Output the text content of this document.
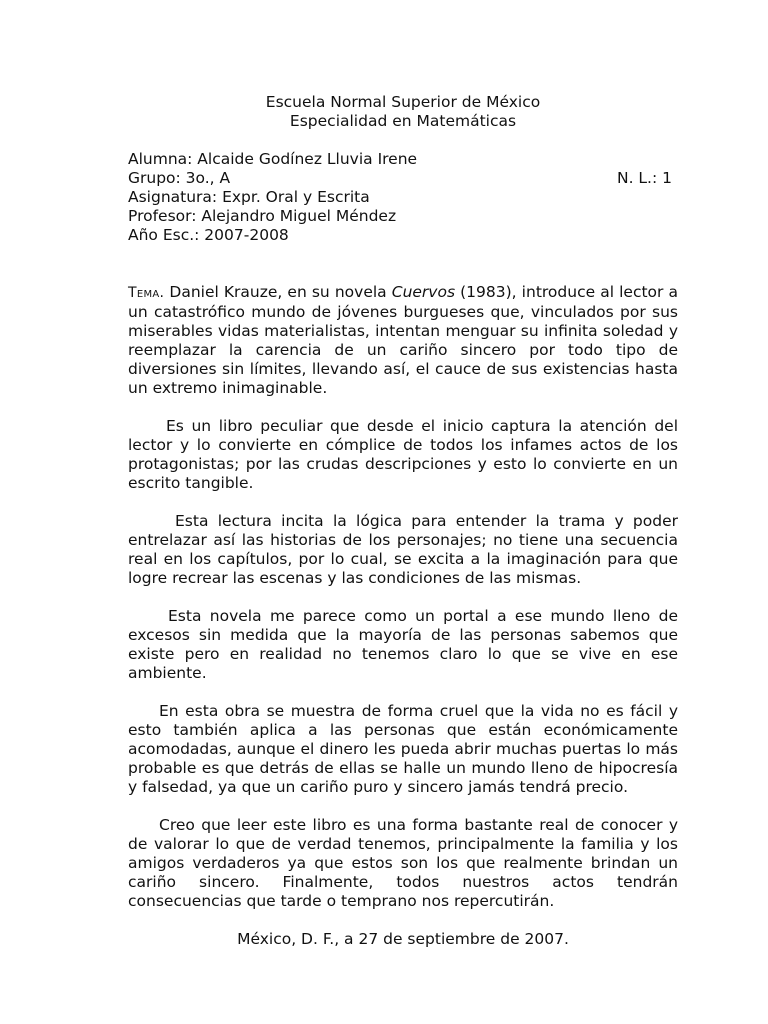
Escuela Normal Superior de México
Especialidad en Matemáticas
Alumna: Alcaide Godínez Lluvia Irene
Grupo: 3o., A	N. L.: 1
Asignatura: Expr. Oral y Escrita
Profesor: Alejandro Miguel Méndez
Año Esc.: 2007-2008

Tema. Daniel Krauze, en su novela Cuervos (1983), introduce al lector a un catastrófico mundo de jóvenes burgueses que, vinculados por sus miserables vidas materialistas, intentan menguar su infinita soledad y reemplazar la carencia de un cariño sincero por todo tipo de diversiones sin límites, llevando así, el cauce de sus existencias hasta un extremo inimaginable.

Es un libro peculiar que desde el inicio captura la atención del lector y lo convierte en cómplice de todos los infames actos de los protagonistas; por las crudas descripciones y esto lo convierte en un escrito tangible.

Esta lectura incita la lógica para entender la trama y poder entrelazar así las historias de los personajes; no tiene una secuencia real en los capítulos, por lo cual, se excita a la imaginación para que logre recrear las escenas y las condiciones de las mismas.

Esta novela me parece como un portal a ese mundo lleno de excesos sin medida que la mayoría de las personas sabemos que existe pero en realidad no tenemos claro lo que se vive en ese ambiente.

En esta obra se muestra de forma cruel que la vida no es fácil y esto también aplica a las personas que están económicamente acomodadas, aunque el dinero les pueda abrir muchas puertas lo más probable es que detrás de ellas se halle un mundo lleno de hipocresía y falsedad, ya que un cariño puro y sincero jamás tendrá precio.

Creo que leer este libro es una forma bastante real de conocer y de valorar lo que de verdad tenemos, principalmente la familia y los amigos verdaderos ya que estos son los que realmente brindan un cariño sincero. Finalmente, todos nuestros actos tendrán consecuencias que tarde o temprano nos repercutirán.

México, D. F., a 27 de septiembre de 2007.
